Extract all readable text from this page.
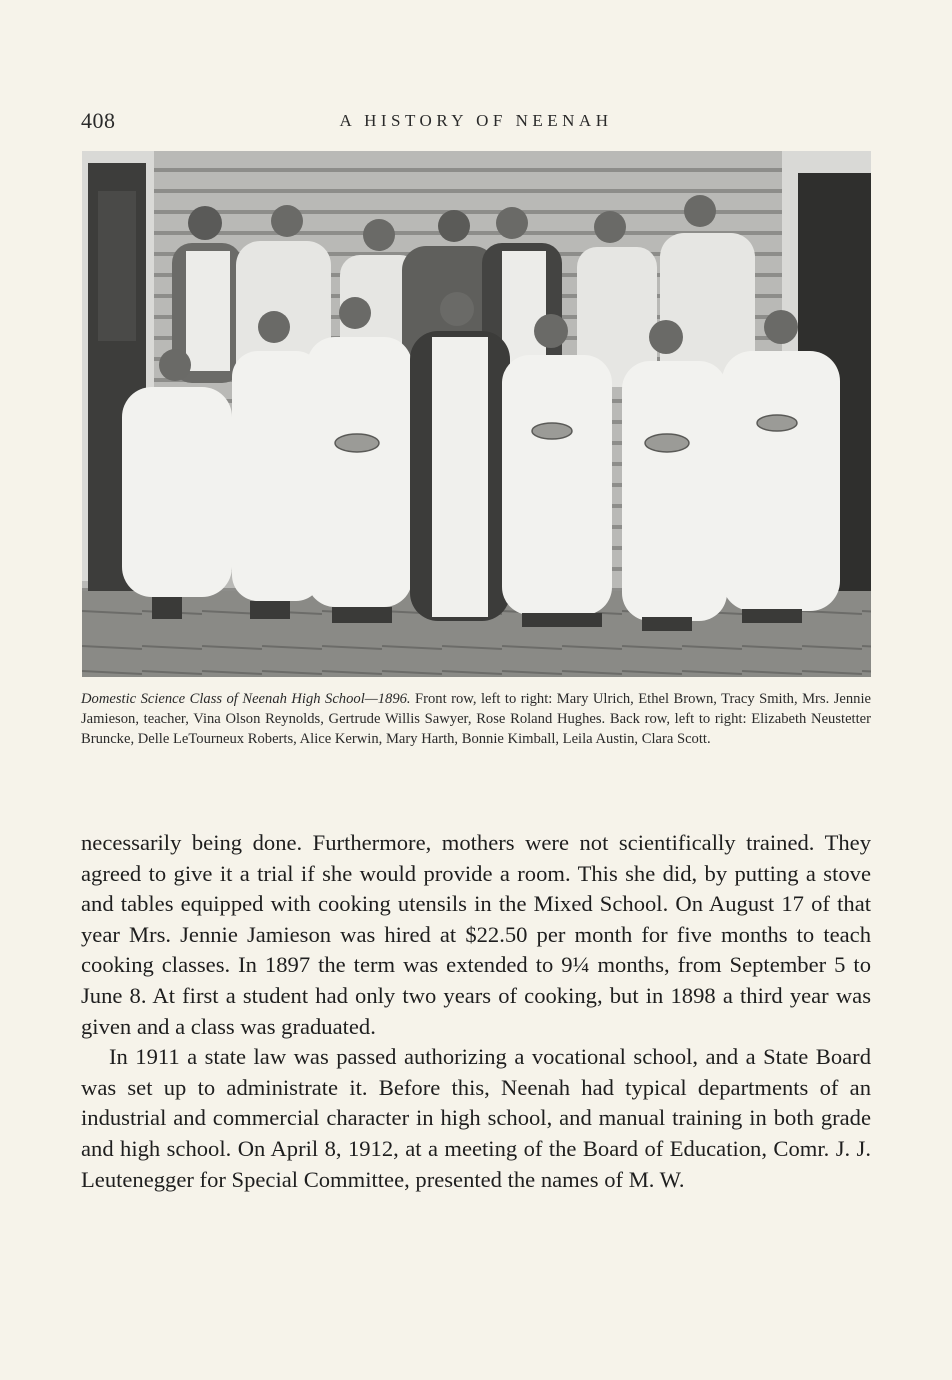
408	A HISTORY OF NEENAH
Domestic Science Class of Neenah High School—1896. Front row, left to right: Mary Ulrich, Ethel Brown, Tracy Smith, Mrs. Jennie Jamieson, teacher, Vina Olson Reynolds, Gertrude Willis Sawyer, Rose Roland Hughes. Back row, left to right: Elizabeth Neustetter Bruncke, Delle LeTourneux Roberts, Alice Kerwin, Mary Harth, Bonnie Kimball, Leila Austin, Clara Scott.

necessarily being done. Furthermore, mothers were not scientifically trained. They agreed to give it a trial if she would provide a room. This she did, by putting a stove and tables equipped with cooking utensils in the Mixed School. On August 17 of that year Mrs. Jennie Jamieson was hired at $22.50 per month for five months to teach cooking classes. In 1897 the term was extended to 9¼ months, from September 5 to June 8. At first a student had only two years of cooking, but in 1898 a third year was given and a class was graduated.

In 1911 a state law was passed authorizing a vocational school, and a State Board was set up to administrate it. Before this, Neenah had typical departments of an industrial and commercial character in high school, and manual training in both grade and high school. On April 8, 1912, at a meeting of the Board of Education, Comr. J. J. Leutenegger for Special Committee, presented the names of M. W.
